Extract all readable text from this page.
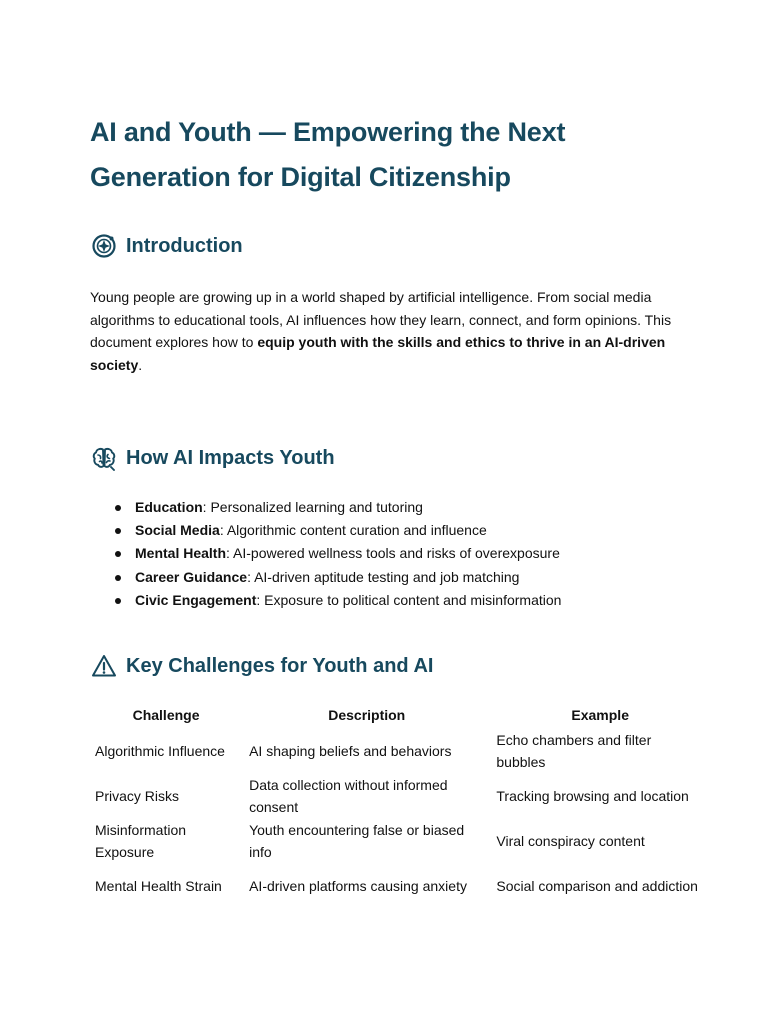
AI and Youth — Empowering the Next Generation for Digital Citizenship
Introduction

Young people are growing up in a world shaped by artificial intelligence. From social media algorithms to educational tools, AI influences how they learn, connect, and form opinions. This document explores how to equip youth with the skills and ethics to thrive in an AI-driven society.

How AI Impacts Youth
Education: Personalized learning and tutoring
Social Media: Algorithmic content curation and influence
Mental Health: AI-powered wellness tools and risks of overexposure
Career Guidance: AI-driven aptitude testing and job matching
Civic Engagement: Exposure to political content and misinformation
Key Challenges for Youth and AI
Challenge	Description	Example
Algorithmic Influence	AI shaping beliefs and behaviors	Echo chambers and filter bubbles
Privacy Risks	Data collection without informed consent	Tracking browsing and location
Misinformation Exposure	Youth encountering false or biased info	Viral conspiracy content
Mental Health Strain	AI-driven platforms causing anxiety	Social comparison and addiction
